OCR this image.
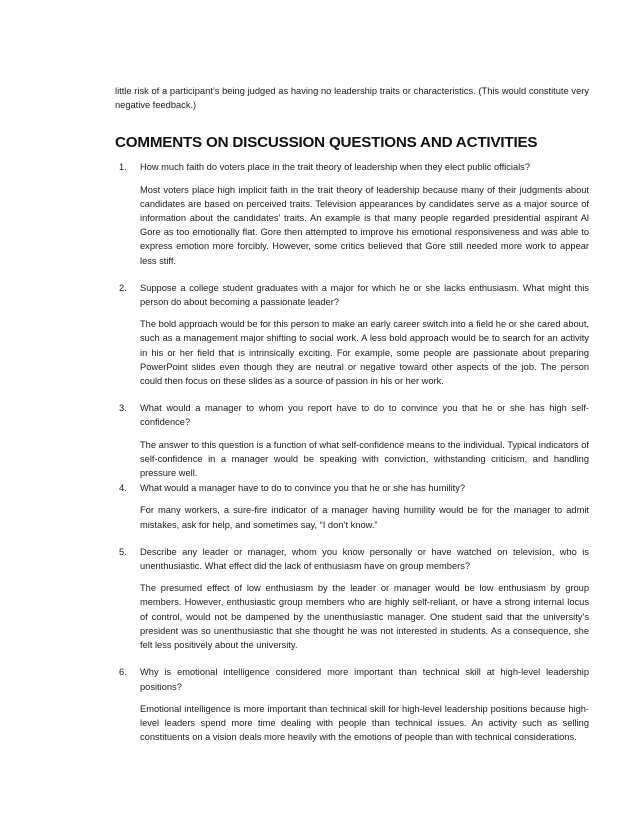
little risk of a participant’s being judged as having no leadership traits or characteristics. (This would constitute very negative feedback.)

COMMENTS ON DISCUSSION QUESTIONS AND ACTIVITIES
1. How much faith do voters place in the trait theory of leadership when they elect public officials?

Most voters place high implicit faith in the trait theory of leadership because many of their judgments about candidates are based on perceived traits. Television appearances by candidates serve as a major source of information about the candidates’ traits. An example is that many people regarded presidential aspirant Al Gore as too emotionally flat. Gore then attempted to improve his emotional responsiveness and was able to express emotion more forcibly. However, some critics believed that Gore still needed more work to appear less stiff.

2. Suppose a college student graduates with a major for which he or she lacks enthusiasm. What might this person do about becoming a passionate leader?

The bold approach would be for this person to make an early career switch into a field he or she cared about, such as a management major shifting to social work. A less bold approach would be to search for an activity in his or her field that is intrinsically exciting. For example, some people are passionate about preparing PowerPoint slides even though they are neutral or negative toward other aspects of the job. The person could then focus on these slides as a source of passion in his or her work.

3. What would a manager to whom you report have to do to convince you that he or she has high self-confidence?

The answer to this question is a function of what self-confidence means to the individual. Typical indicators of self-confidence in a manager would be speaking with conviction, withstanding criticism, and handling pressure well.

4. What would a manager have to do to convince you that he or she has humility?

For many workers, a sure-fire indicator of a manager having humility would be for the manager to admit mistakes, ask for help, and sometimes say, “I don’t know.”

5. Describe any leader or manager, whom you know personally or have watched on television, who is unenthusiastic. What effect did the lack of enthusiasm have on group members?

The presumed effect of low enthusiasm by the leader or manager would be low enthusiasm by group members. However, enthusiastic group members who are highly self-reliant, or have a strong internal locus of control, would not be dampened by the unenthusiastic manager. One student said that the university’s president was so unenthusiastic that she thought he was not interested in students. As a consequence, she felt less positively about the university.

6. Why is emotional intelligence considered more important than technical skill at high-level leadership positions?

Emotional intelligence is more important than technical skill for high-level leadership positions because high-level leaders spend more time dealing with people than technical issues. An activity such as selling constituents on a vision deals more heavily with the emotions of people than with technical considerations.
